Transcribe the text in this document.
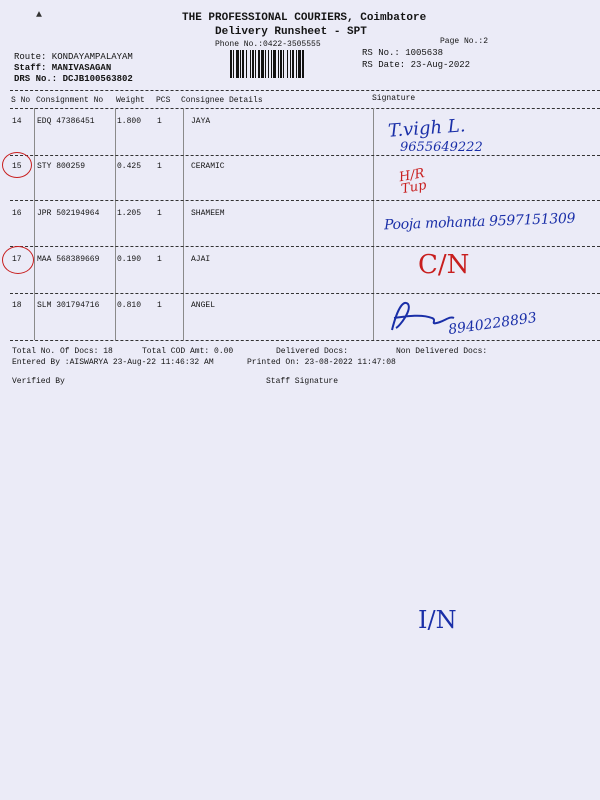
▲	THE PROFESSIONAL COURIERS, Coimbatore
Delivery Runsheet - SPT
Phone No.:0422-3505555	Page No.:2
Route: KONDAYAMPALAYAM
Staff: MANIVASAGAN
DRS No.: DCJB100563802
RS No.: 1005638
RS Date: 23-Aug-2022
S No Consignment No Weight PCS Consignee Details	Signature
14 EDQ 47386451	1.800 1	JAYA	T.vigh L.
9655649222
15 STY 800259	0.425 1	CERAMIC	H/R Tup
16 JPR 502194964 1.205 1	SHAMEEM	Pooja mohanta 9597151309
17 MAA 568389669 0.190 1	AJAI	C/N
18 SLM 301794716 0.810 1	ANGEL
8940228893
Total No. Of Docs: 18	Total COD Amt: 0.00	Delivered Docs:	Non Delivered Docs:
Entered By :AISWARYA 23-Aug-22 11:46:32 AM	Printed On: 23-08-2022 11:47:08
Verified By	Staff Signature
I/N
